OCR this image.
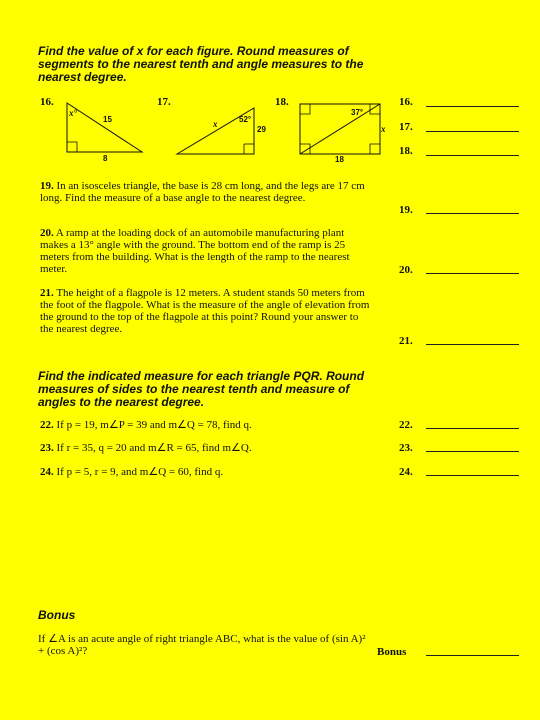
Find the value of x for each figure. Round measures of segments to the nearest tenth and angle measures to the nearest degree.
16.	17.	18.
x°
15
8
x	52°
29
37°
x
18
19. In an isosceles triangle, the base is 28 cm long, and the legs are 17 cm long. Find the measure of a base angle to the nearest degree.
20. A ramp at the loading dock of an automobile manufacturing plant makes a 13° angle with the ground. The bottom end of the ramp is 25 meters from the building. What is the length of the ramp to the nearest meter.
21. The height of a flagpole is 12 meters. A student stands 50 meters from the foot of the flagpole. What is the measure of the angle of elevation from the ground to the top of the flagpole at this point? Round your answer to the nearest degree.
Find the indicated measure for each triangle PQR. Round measures of sides to the nearest tenth and measure of angles to the nearest degree.
22. If p = 19, m∠P = 39 and m∠Q = 78, find q.
23. If r = 35, q = 20 and m∠R = 65, find m∠Q.
24. If p = 5, r = 9, and m∠Q = 60, find q.
16.
17.
18.
19.
20.
21.
22.
23.
24.
Bonus
If ∠A is an acute angle of right triangle ABC, what is the value of (sin A)² + (cos A)²?	Bonus
